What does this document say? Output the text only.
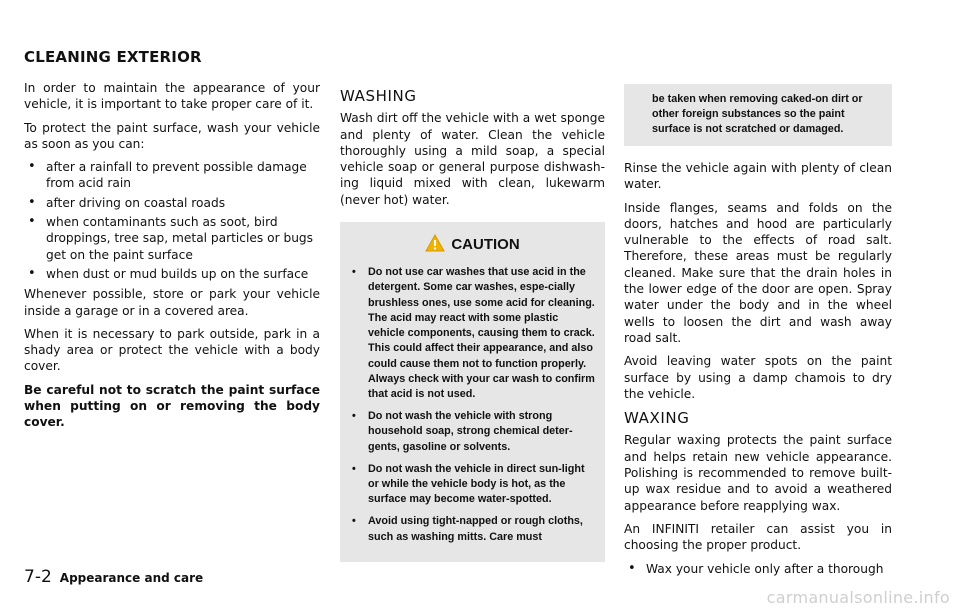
CLEANING EXTERIOR

In order to maintain the appearance of your vehicle, it is important to take proper care of it.

To protect the paint surface, wash your vehicle as soon as you can:

• after a rainfall to prevent possible damage from acid rain
• after driving on coastal roads
• when contaminants such as soot, bird droppings, tree sap, metal particles or bugs get on the paint surface
• when dust or mud builds up on the surface

Whenever possible, store or park your vehicle inside a garage or in a covered area.

When it is necessary to park outside, park in a shady area or protect the vehicle with a body cover.

Be careful not to scratch the paint surface when putting on or removing the body cover.

WASHING

Wash dirt off the vehicle with a wet sponge and plenty of water. Clean the vehicle thoroughly using a mild soap, a special vehicle soap or general purpose dishwash-ing liquid mixed with clean, lukewarm (never hot) water.

CAUTION
• Do not use car washes that use acid in the detergent. Some car washes, espe-cially brushless ones, use some acid for cleaning. The acid may react with some plastic vehicle components, causing them to crack. This could affect their appearance, and also could cause them not to function properly. Always check with your car wash to confirm that acid is not used.
• Do not wash the vehicle with strong household soap, strong chemical deter-gents, gasoline or solvents.
• Do not wash the vehicle in direct sun-light or while the vehicle body is hot, as the surface may become water-spotted.
• Avoid using tight-napped or rough cloths, such as washing mitts. Care must
be taken when removing caked-on dirt or other foreign substances so the paint surface is not scratched or damaged.

Rinse the vehicle again with plenty of clean water.

Inside flanges, seams and folds on the doors, hatches and hood are particularly vulnerable to the effects of road salt. Therefore, these areas must be regularly cleaned. Make sure that the drain holes in the lower edge of the door are open. Spray water under the body and in the wheel wells to loosen the dirt and wash away road salt.

Avoid leaving water spots on the paint surface by using a damp chamois to dry the vehicle.

WAXING

Regular waxing protects the paint surface and helps retain new vehicle appearance. Polishing is recommended to remove built-up wax residue and to avoid a weathered appearance before reapplying wax.

An INFINITI retailer can assist you in choosing the proper product.

• Wax your vehicle only after a thorough
7-2 Appearance and care
carmanualsonline.info
